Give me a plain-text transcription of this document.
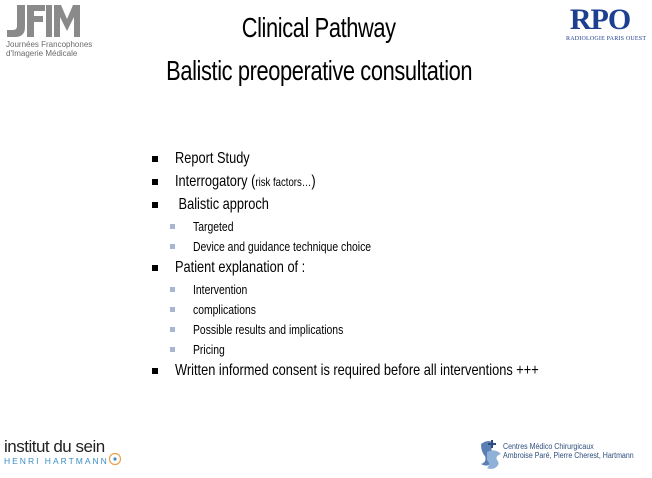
Journées Francophones
d'Imagerie Médicale
RPO
RADIOLOGIE PARIS OUEST
Clinical Pathway
Balistic preoperative consultation
Report Study
Interrogatory (risk factors…)
Balistic approch
Targeted
Device and guidance technique choice
Patient explanation of :
Intervention
complications
Possible results and implications
Pricing
Written informed consent is required before all interventions +++
institut du sein
HENRI HARTMANN
Centres Médico Chirurgicaux
Ambroise Paré, Pierre Cherest, Hartmann
